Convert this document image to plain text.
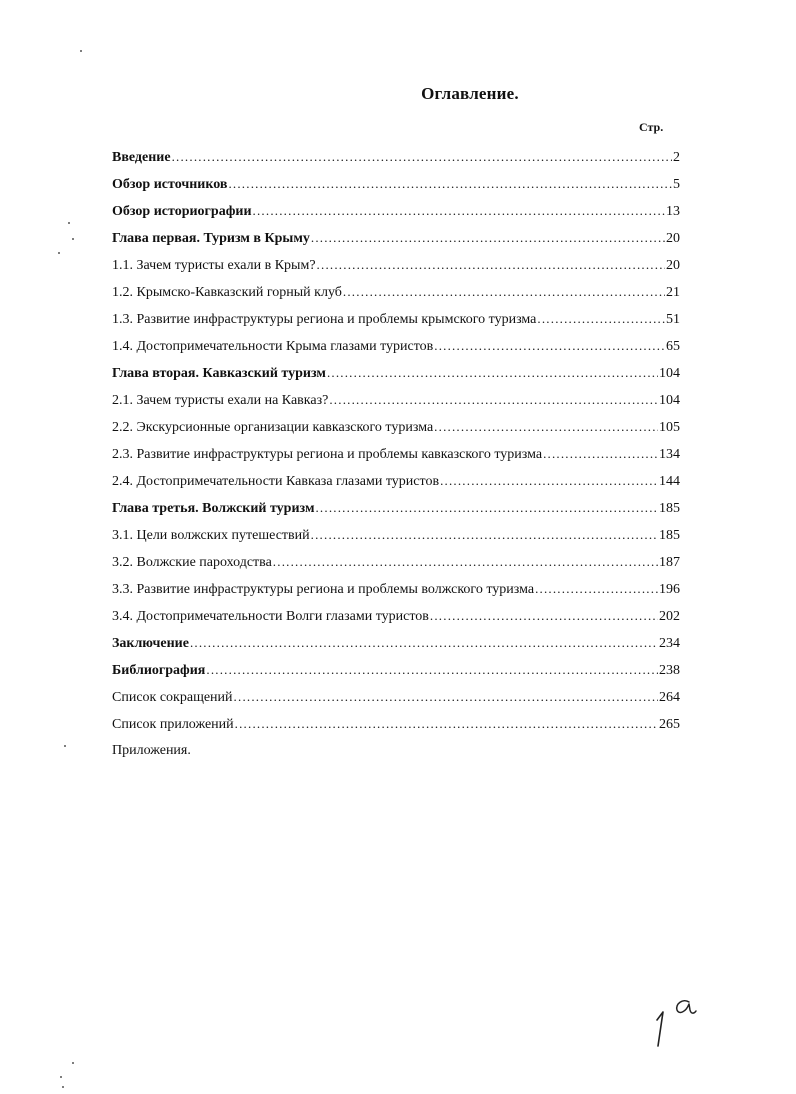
Оглавление.
Стр.
Введение .....	2
Обзор источников .....	5
Обзор историографии .....	13
Глава первая. Туризм в Крыму .....	20
1.1. Зачем туристы ехали в Крым? .....	20
1.2. Крымско-Кавказский горный клуб .....	21
1.3. Развитие инфраструктуры региона и проблемы крымского туризма .....	51
1.4. Достопримечательности Крыма глазами туристов .....	65
Глава вторая. Кавказский туризм .....	104
2.1. Зачем туристы ехали на Кавказ? .....	104
2.2. Экскурсионные организации кавказского туризма .....	105
2.3. Развитие инфраструктуры региона и проблемы кавказского туризма .....	134
2.4. Достопримечательности Кавказа глазами туристов .....	144
Глава третья. Волжский туризм .....	185
3.1. Цели волжских путешествий .....	185
3.2. Волжские пароходства .....	187
3.3. Развитие инфраструктуры региона и проблемы волжского туризма .....	196
3.4. Достопримечательности Волги глазами туристов .....	202
Заключение .....	234
Библиография .....	238
Список сокращений .....	264
Список приложений .....	265
Приложения.
